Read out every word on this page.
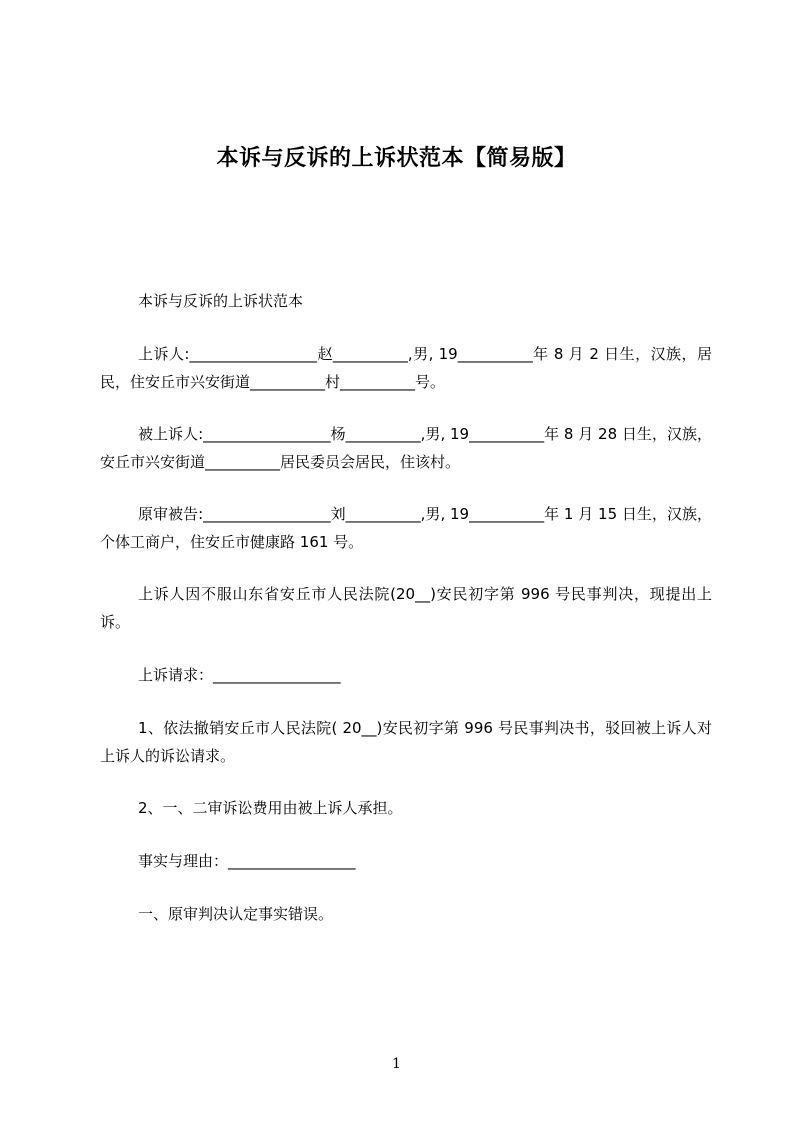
本诉与反诉的上诉状范本【简易版】

本诉与反诉的上诉状范本

上诉人:_________________赵__________,男, 19__________年 8 月 2 日生，汉族，居民，住安丘市兴安街道__________村__________号。

被上诉人:_________________杨__________,男, 19__________年 8 月 28 日生，汉族，安丘市兴安街道__________居民委员会居民，住该村。

原审被告:_________________刘__________,男, 19__________年 1 月 15 日生，汉族，个体工商户，住安丘市健康路 161 号。

上诉人因不服山东省安丘市人民法院(20__)安民初字第 996 号民事判决，现提出上诉。

上诉请求：_________________

1、依法撤销安丘市人民法院( 20__)安民初字第 996 号民事判决书，驳回被上诉人对上诉人的诉讼请求。

2、一、二审诉讼费用由被上诉人承担。

事实与理由：_________________

一、原审判决认定事实错误。

1
